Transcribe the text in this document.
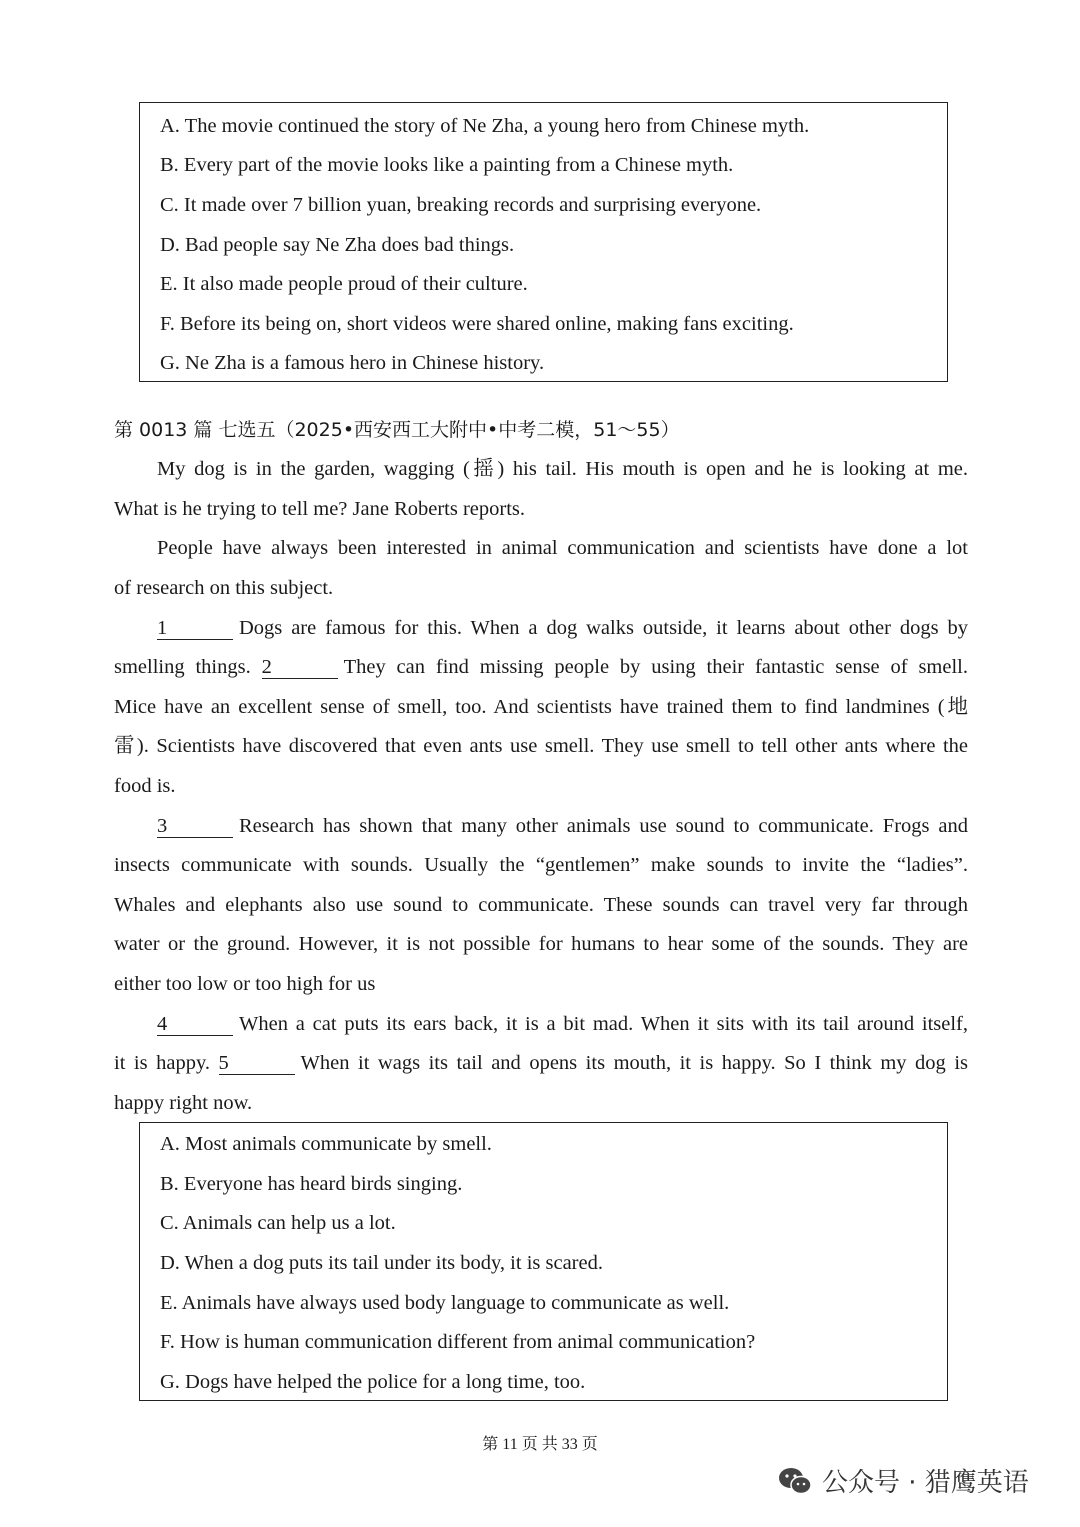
A. The movie continued the story of Ne Zha, a young hero from Chinese myth.
B. Every part of the movie looks like a painting from a Chinese myth.
C. It made over 7 billion yuan, breaking records and surprising everyone.
D. Bad people say Ne Zha does bad things.
E. It also made people proud of their culture.
F. Before its being on, short videos were shared online, making fans exciting.
G. Ne Zha is a famous hero in Chinese history.
第 0013 篇 七选五（2025•西安西工大附中•中考二模，51～55）
My dog is in the garden, wagging (摇) his tail. His mouth is open and he is looking at me.
What is he trying to tell me? Jane Roberts reports.
People have always been interested in animal communication and scientists have done a lot
of research on this subject.
1	Dogs are famous for this. When a dog walks outside, it learns about other dogs by
smelling things. 2	They can find missing people by using their fantastic sense of smell.
Mice have an excellent sense of smell, too. And scientists have trained them to find landmines (地
雷). Scientists have discovered that even ants use smell. They use smell to tell other ants where the
food is.
3	Research has shown that many other animals use sound to communicate. Frogs and
insects communicate with sounds. Usually the “gentlemen” make sounds to invite the “ladies”.
Whales and elephants also use sound to communicate. These sounds can travel very far through
water or the ground. However, it is not possible for humans to hear some of the sounds. They are
either too low or too high for us
4	When a cat puts its ears back, it is a bit mad. When it sits with its tail around itself,
it is happy. 5	When it wags its tail and opens its mouth, it is happy. So I think my dog is
happy right now.
A. Most animals communicate by smell.
B. Everyone has heard birds singing.
C. Animals can help us a lot.
D. When a dog puts its tail under its body, it is scared.
E. Animals have always used body language to communicate as well.
F. How is human communication different from animal communication?
G. Dogs have helped the police for a long time, too.
第 11 页 共 33 页
公众号 · 猎鹰英语
